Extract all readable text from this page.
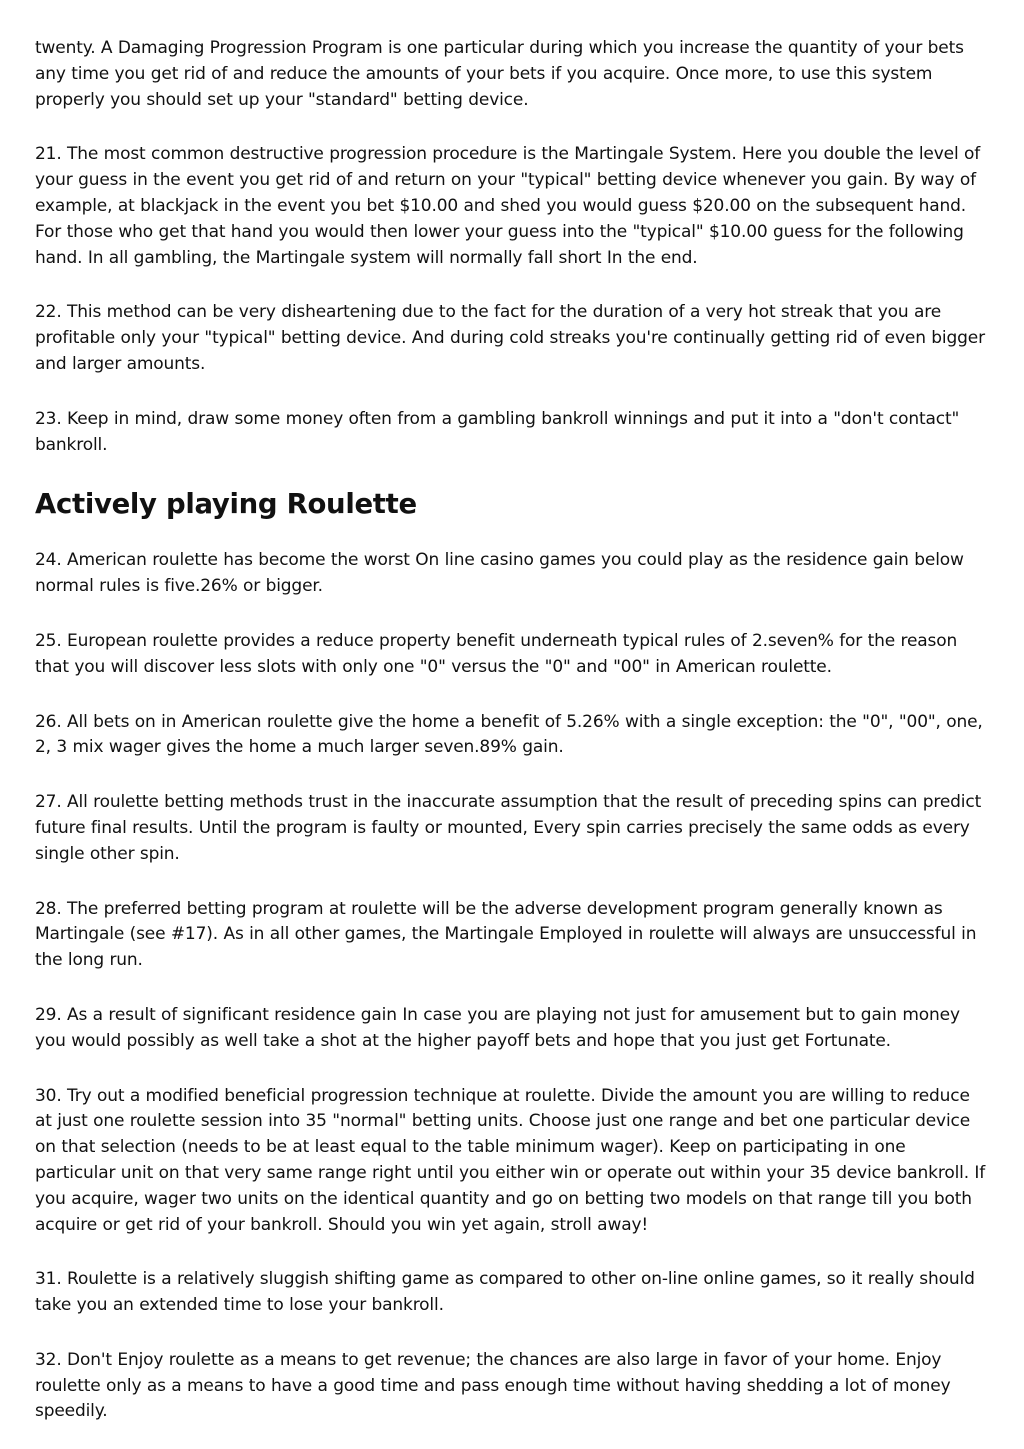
twenty. A Damaging Progression Program is one particular during which you increase the quantity of your bets any time you get rid of and reduce the amounts of your bets if you acquire. Once more, to use this system properly you should set up your "standard" betting device.

21. The most common destructive progression procedure is the Martingale System. Here you double the level of your guess in the event you get rid of and return on your "typical" betting device whenever you gain. By way of example, at blackjack in the event you bet $10.00 and shed you would guess $20.00 on the subsequent hand. For those who get that hand you would then lower your guess into the "typical" $10.00 guess for the following hand. In all gambling, the Martingale system will normally fall short In the end.

22. This method can be very disheartening due to the fact for the duration of a very hot streak that you are profitable only your "typical" betting device. And during cold streaks you're continually getting rid of even bigger and larger amounts.

23. Keep in mind, draw some money often from a gambling bankroll winnings and put it into a "don't contact" bankroll.

Actively playing Roulette

24. American roulette has become the worst On line casino games you could play as the residence gain below normal rules is five.26% or bigger.

25. European roulette provides a reduce property benefit underneath typical rules of 2.seven% for the reason that you will discover less slots with only one "0" versus the "0" and "00" in American roulette.

26. All bets on in American roulette give the home a benefit of 5.26% with a single exception: the "0", "00", one, 2, 3 mix wager gives the home a much larger seven.89% gain.

27. All roulette betting methods trust in the inaccurate assumption that the result of preceding spins can predict future final results. Until the program is faulty or mounted, Every spin carries precisely the same odds as every single other spin.

28. The preferred betting program at roulette will be the adverse development program generally known as Martingale (see #17). As in all other games, the Martingale Employed in roulette will always are unsuccessful in the long run.

29. As a result of significant residence gain In case you are playing not just for amusement but to gain money you would possibly as well take a shot at the higher payoff bets and hope that you just get Fortunate.

30. Try out a modified beneficial progression technique at roulette. Divide the amount you are willing to reduce at just one roulette session into 35 "normal" betting units. Choose just one range and bet one particular device on that selection (needs to be at least equal to the table minimum wager). Keep on participating in one particular unit on that very same range right until you either win or operate out within your 35 device bankroll. If you acquire, wager two units on the identical quantity and go on betting two models on that range till you both acquire or get rid of your bankroll. Should you win yet again, stroll away!

31. Roulette is a relatively sluggish shifting game as compared to other on-line online games, so it really should take you an extended time to lose your bankroll.

32. Don't Enjoy roulette as a means to get revenue; the chances are also large in favor of your home. Enjoy roulette only as a means to have a good time and pass enough time without having shedding a lot of money speedily.
